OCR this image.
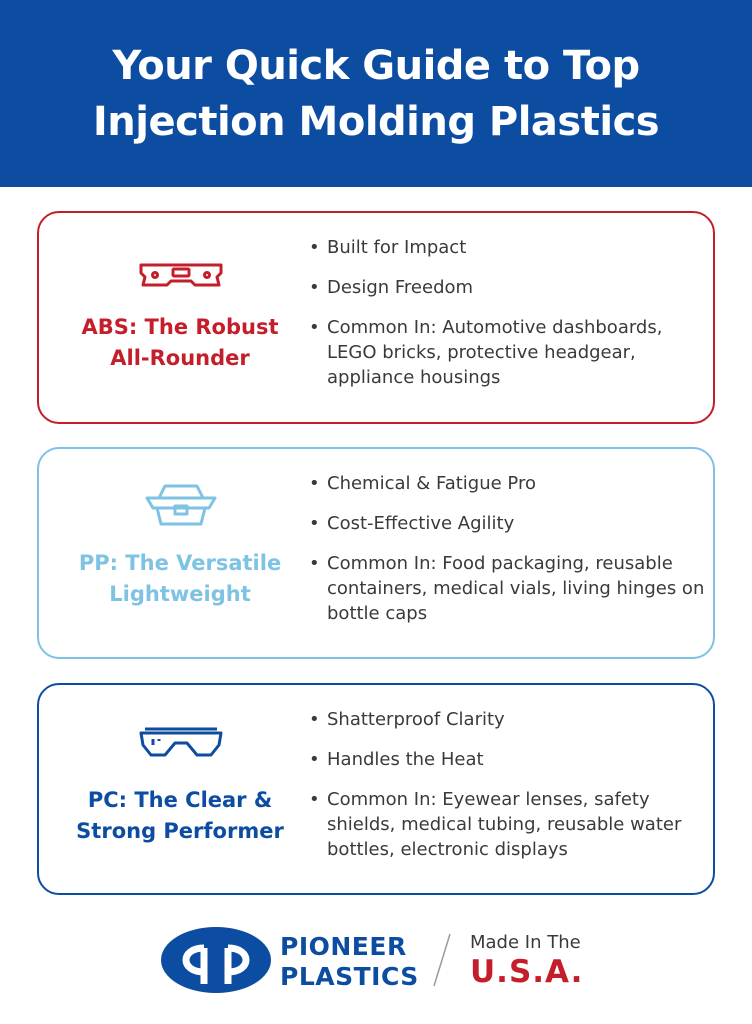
Your Quick Guide to Top
Injection Molding Plastics
ABS: The Robust
All-Rounder
• Built for Impact
• Design Freedom
• Common In: Automotive dashboards, LEGO bricks, protective headgear, appliance housings
PP: The Versatile
Lightweight
• Chemical & Fatigue Pro
• Cost-Effective Agility
• Common In: Food packaging, reusable containers, medical vials, living hinges on bottle caps
PC: The Clear &
Strong Performer
• Shatterproof Clarity
• Handles the Heat
• Common In: Eyewear lenses, safety shields, medical tubing, reusable water bottles, electronic displays
PIONEER
PLASTICS
Made In The
U.S.A.
